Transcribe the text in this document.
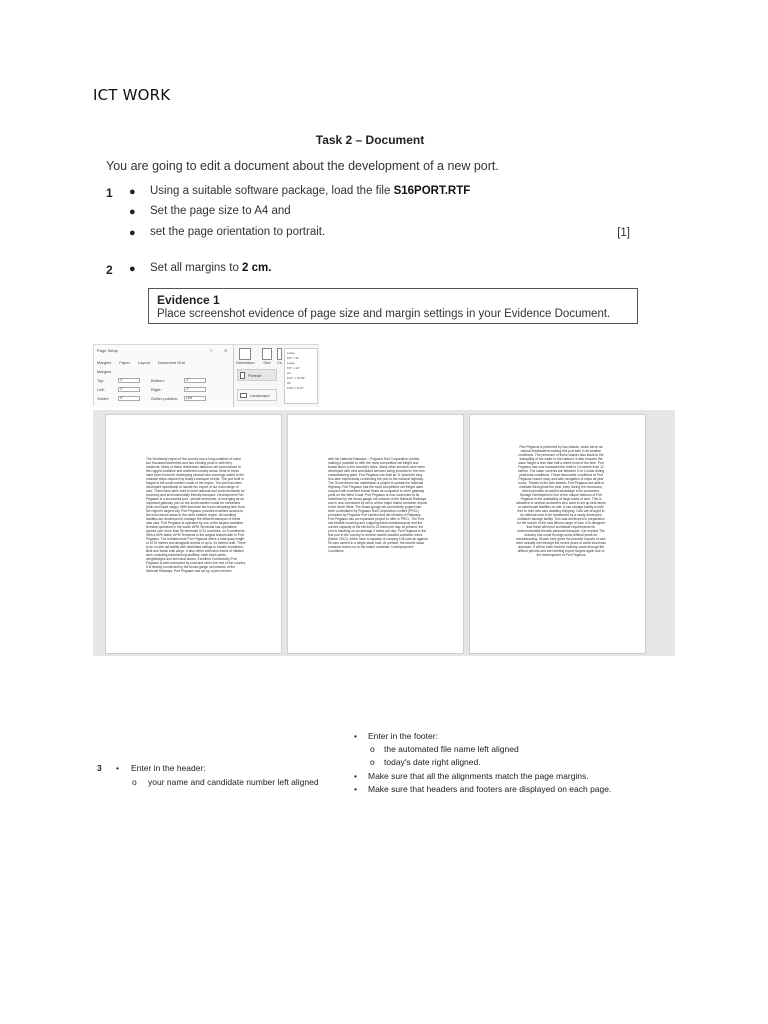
ICT WORK
Task 2 – Document
You are going to edit a document about the development of a new port.
1 ● Using a suitable software package, load the file S16PORT.RTF
● Set the page size to A4 and
● set the page orientation to portrait.	[1]
2 ● Set all margins to 2 cm.
Evidence 1
Place screenshot evidence of page size and margin settings in your Evidence Document.
Page Setup	?	✕
Margins Paper Layout Document Grid
Margins
Top:	2"	Bottom:	2"
Left:	2"	Right:	2"
Gutter:	0"	Gutter position:	Left
Orientation	Size	Co
Portrait
Landscape
Letter
8.5" x 11"
Legal
8.5" x 14"
A4
8.27" x 11.69"
A5
5.83" x 8.27"
The Northwest region of the country has a long coastline of some two thousand kilometres and two existing ports in with ferry residents. Many of these residences harbours are accustomed to the rugged coastline and sheltered country areas. Most of these have been found for developing several new moorings suited to the massive ships required by today's transport needs. The port built in Nagari is the south eastern coast of the region. The port has been developed specifically to handle the export of our main range of cars. There have been built to meet national and world demands for economy and environmentally friendly transport. Development Port Pegasus is a successful port - private enterprise, is emerging as an important gateway port on the south eastern coast for containers (bulk and liquid cargo). With less than ten hours steaming time from the region's largest city, Port Pegasus provides excellent access to the most dense areas in the north eastern region. Its handling facilities are developed to manage the efficient transport of these new cars. Port Pegasus is operated by one of the largest container terminal operators in the world. APM Terminals has operations spread over more than 50 terminals in 31 countries, on 5 continents. With a 60% stake, APM Terminals is the largest shareholder in Port Pegasus. The Infrastructure Port Pegasus offers a total quay length of 1075 metres and alongside depths of up to 14 metres draft. There is an on-site rail facility with dedicated sidings to handle containers. Bulk and break bulk cargo. It also offers extensive tracks of inflated silos, including transforming facilities, steel stock yards, weighbridges and technical stores. Excellent Connectivity Port Pegasus is well connected by road and rail to the rest of the country. It is directly connected by the broad-gauge rail network of the National Railways. Port Pegasus has set up a joint venture
with the National Railways – Pegasus Rail Corporation Limited, making it possible to offer the most competitive rail freight and transit times to the country's cities. Many other services have been developed with new scheduled services being provided to the new manufacturing plant. Port Pegasus has built an 11 kilometre long four-lane expressway connecting the port to the national highway. The Government has undertaken a project to update the National Highway. Port Pegasus has the most competitive rail freight rates coupled with excellent transit times as compared to other gateway ports on the West Coast. Port Pegasus is now connected to its hinterland by the broad-gauge rail network of the National Railways and is now connected by rail to all the major inland container depots in the North West. The broad-gauge rail connectivity project has been undertaken by Pegasus Rail Corporation Limited (PRCL) promoted by Pegasus Port Limited and the Ministry of Railways. Port Pegasus has an expansive project to offer in PRCL. The Port has flexible incoming and outgoing trains simultaneously and the current capacity of the rail link is 22 trains per day. At present, the port is handling on an average 2 trains per day. Port Pegasus is the first port in the country to receive double stacked container trains (March 2010), which have a capacity of carrying 108 cars as against 90 cars carried in a single stack train. At present, the double stack container trains run to the inland container. Unemployment Conditions
Port Pegasus is protected by two islands, which serve as natural breakwaters making this port safe in all weather conditions. The presence of these islands also leads to the tranquillity of the water in the harbour. It also ensures the wave height is less than half a metre most of the time. Port Pegasus has now increased the draft to 14 metres from 12 metres. The water currents are between 0 to 1 knots during peak tidal conditions. These favourable conditions at Port Pegasus ensure easy and safe navigation of ships all year round. Thanks to the twin islands, Port Pegasus are able to maintain throughout the year, even during the monsoons, which provides an added advantage to its customers. Storage Development One of the unique features of Port Pegasus is the availability of large tracts of land. This is attractive to several customers who want to set up tank farms or warehouse facilities on site. It can storage facility is both free to hold new cars awaiting shipping. Cars are brought to by national road to be transferred by a newly developed container storage facility. This was developed in preparation for the launch of the new lithium range of cars. It is designed that these will meet worldwide requirements for environmentally friendly personal transport. Car exports The industry has come through some difficult years for manufacturing. Shown here gives the planned exports of cars were actually met through the recent years of world economic downturn. It will be seen that the industry came through the difficult periods and are meeting export targets again due to the development of Port Pegasus
• Enter in the footer:
o the automated file name left aligned
o today's date right aligned.
• Make sure that all the alignments match the page margins.
• Make sure that headers and footers are displayed on each page.
3 • Enter in the header:
o your name and candidate number left aligned
